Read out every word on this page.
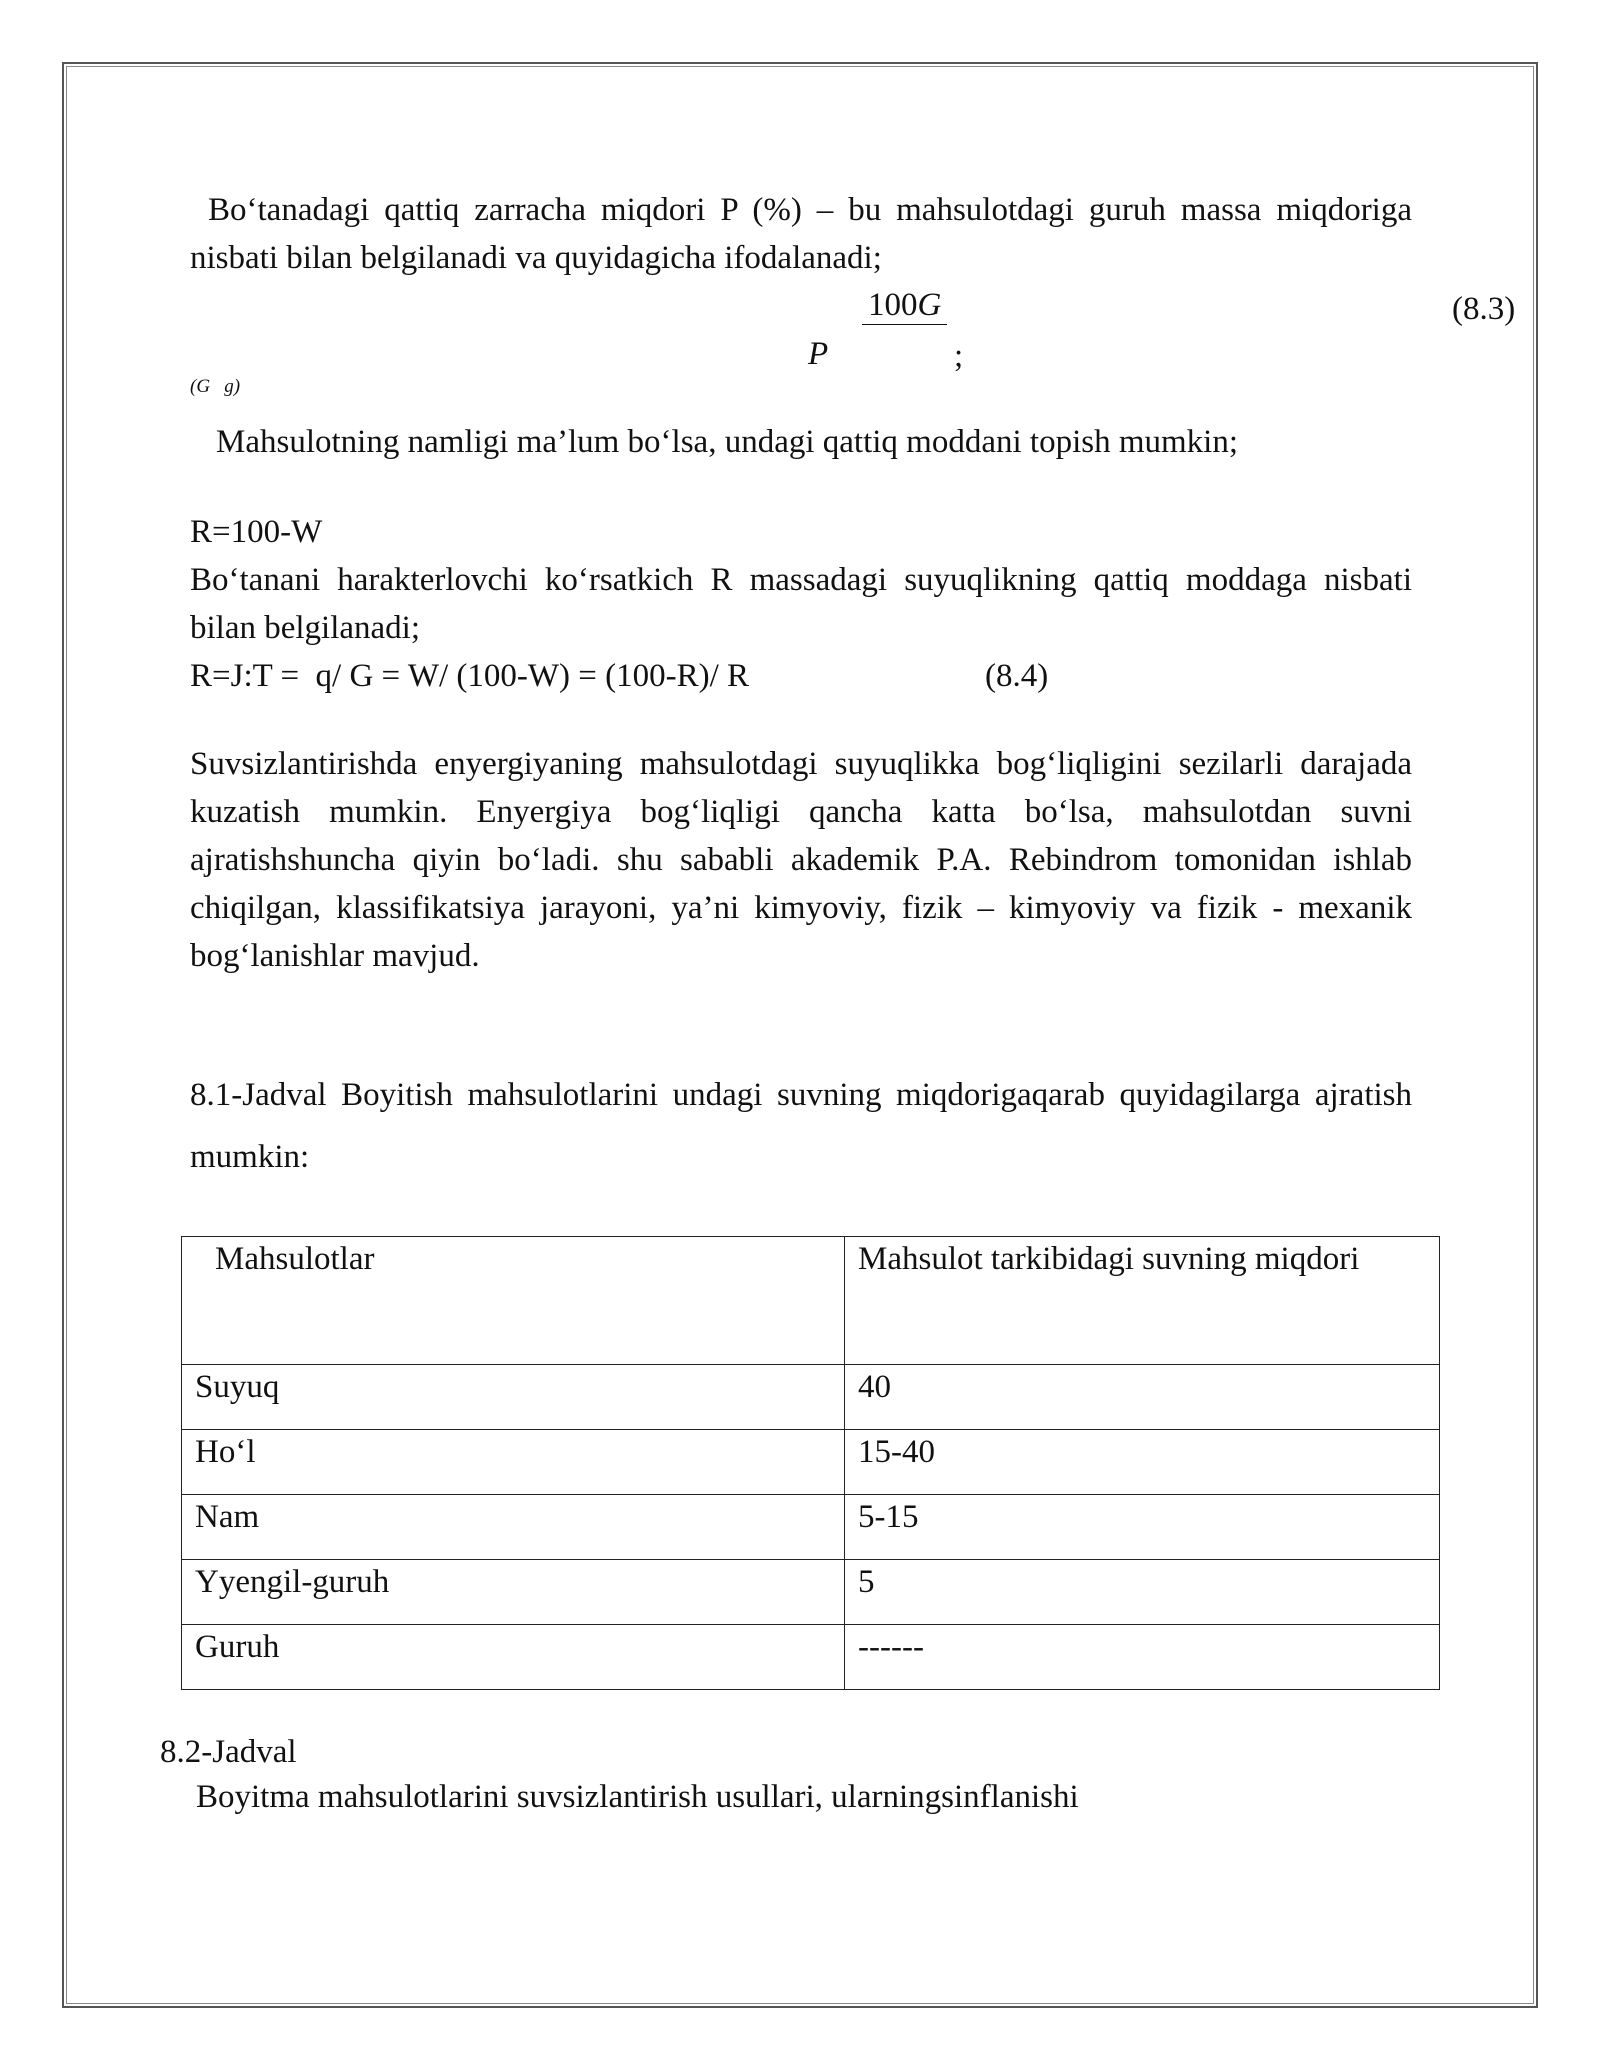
Bo‘tanadagi qattiq zarracha miqdori P (%) – bu mahsulotdagi guruh massa miqdoriga nisbati bilan belgilanadi va quyidagicha ifodalanadi;
100G
P	;
(8.3)
(G   g)
Mahsulotning namligi ma’lum bo‘lsa, undagi qattiq moddani topish mumkin;
R=100-W
Bo‘tanani harakterlovchi ko‘rsatkich R massadagi suyuqlikning qattiq moddaga nisbati bilan belgilanadi;
R=J:T =  q/ G = W/ (100-W) = (100-R)/ R	(8.4)
Suvsizlantirishda enyergiyaning mahsulotdagi suyuqlikka bog‘liqligini sezilarli darajada kuzatish mumkin. Enyergiya bog‘liqligi qancha katta bo‘lsa, mahsulotdan suvni ajratishshuncha qiyin bo‘ladi. shu sababli akademik P.A. Rebindrom tomonidan ishlab chiqilgan, klassifikatsiya jarayoni, ya’ni kimyoviy, fizik – kimyoviy va fizik - mexanik bog‘lanishlar mavjud.
8.1-Jadval Boyitish mahsulotlarini undagi suvning miqdorigaqarab quyidagilarga ajratish mumkin:
Mahsulotlar	Mahsulot tarkibidagi suvning miqdori
Suyuq	40
Ho‘l	15-40
Nam	5-15
Yyengil-guruh	5
Guruh	------
8.2-Jadval
Boyitma mahsulotlarini suvsizlantirish usullari, ularningsinflanishi
